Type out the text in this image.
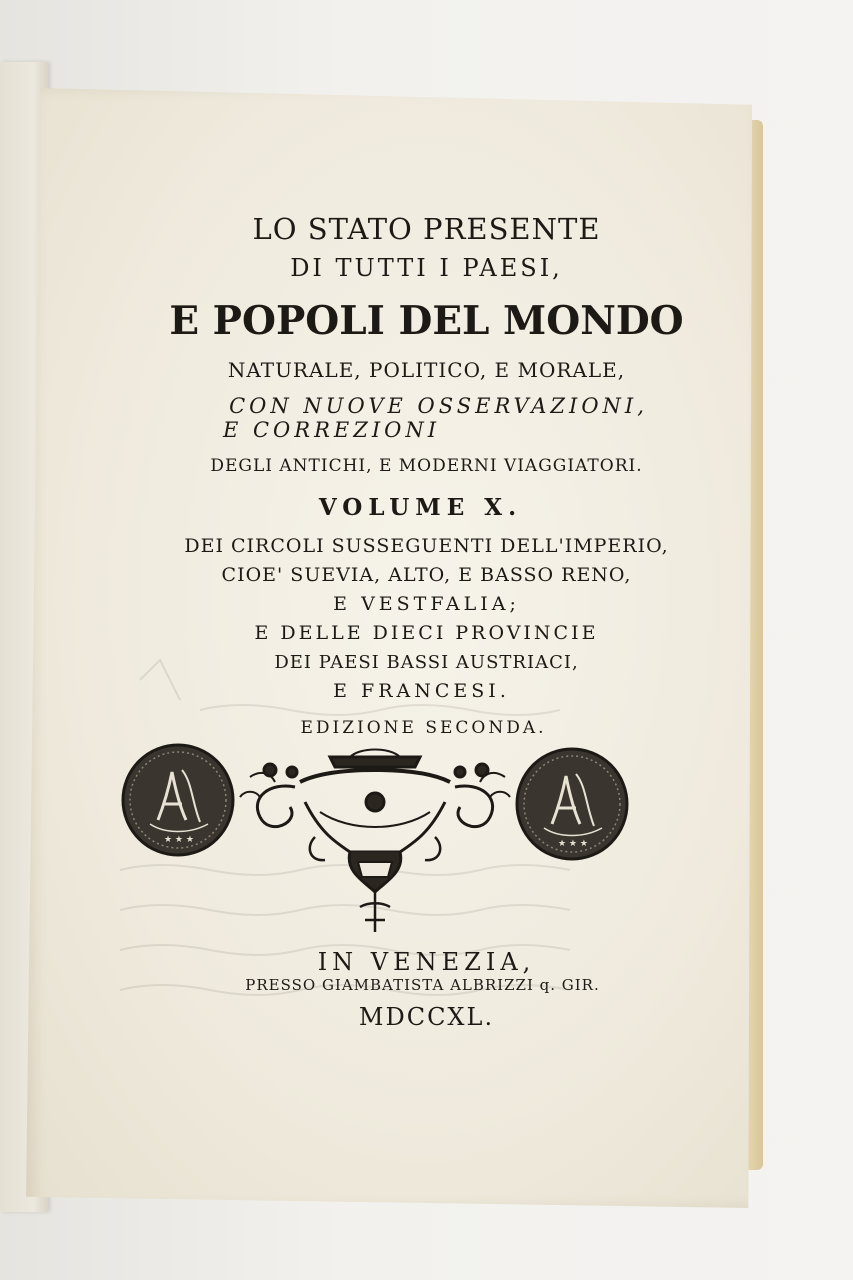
LO STATO PRESENTE
DI TUTTI I PAESI,
E POPOLI DEL MONDO
NATURALE, POLITICO, E MORALE,
CON NUOVE OSSERVAZIONI,
E CORREZIONI
DEGLI ANTICHI, E MODERNI VIAGGIATORI.
VOLUME X.
DEI CIRCOLI SUSSEGUENTI DELL'IMPERIO,
CIOE' SUEVIA, ALTO, E BASSO RENO,
E VESTFALIA;
E DELLE DIECI PROVINCIE
DEI PAESI BASSI AUSTRIACI,
E FRANCESI.
EDIZIONE SECONDA.
★ ★ ★	★ ★ ★
IN VENEZIA,
PRESSO GIAMBATISTA ALBRIZZI q. GIR.
MDCCXL.
